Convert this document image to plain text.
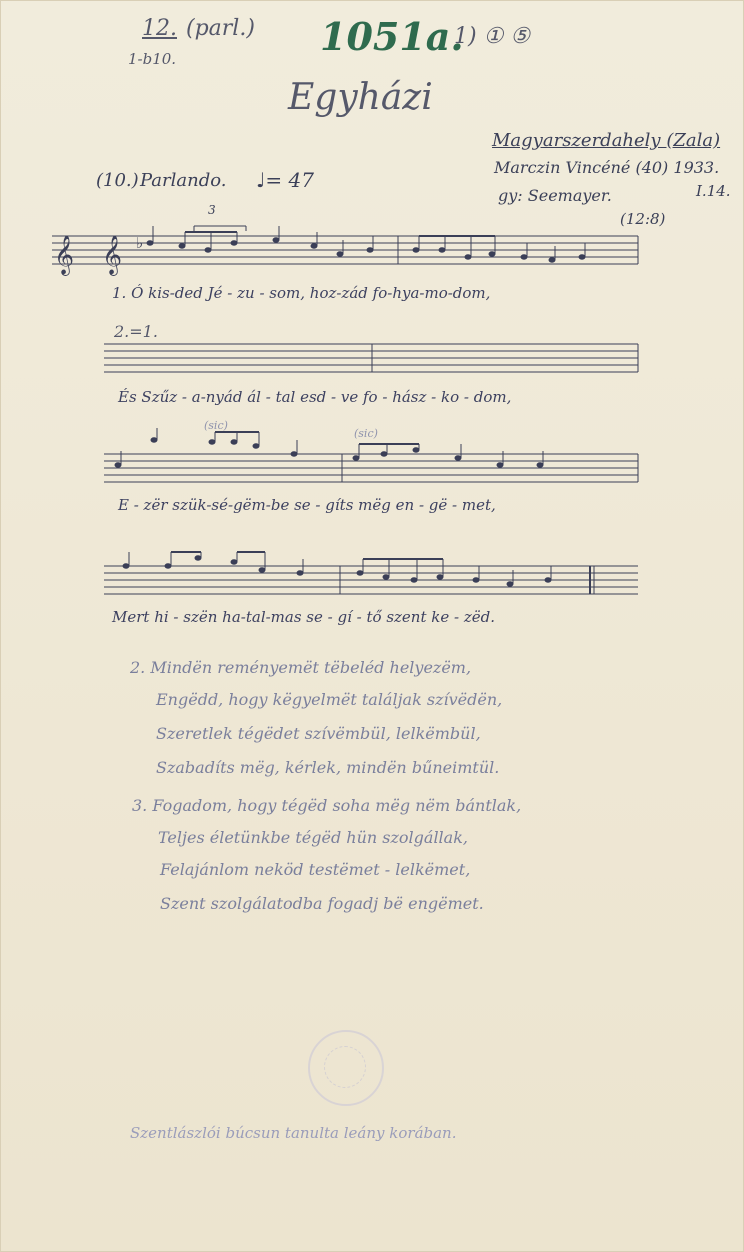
12. (parl.)
1-b10.	1051a.
1) ① ⑤
Egyházi
Magyarszerdahely (Zala)
Marczin Vincéné (40) 1933.
I.14.
gy: Seemayer.
(10.) Parlando. ♩= 47
(12:8)
3
𝄞 𝄞 ♭
1. Ó kis-ded Jé - zu - som, hoz-zád fo-hya-mo-dom,
2.=1.
És Szűz - a-nyád ál - tal esd - ve fo - hász - ko - dom,
(sic)
(sic)
E - zër szük-sé-gëm-be se - gíts mëg en - gë - met,
Mert hi - szën ha-tal-mas se - gí - tő szent ke - zëd.
2. Mindën reményemët tëbeléd helyezëm,
Engëdd, hogy këgyelmët találjak szívëdën,
Szeretlek tégëdet szívëmbül, lelkëmbül,
Szabadíts mëg, kérlek, mindën bűneimtül.
3. Fogadom, hogy tégëd soha mëg nëm bántlak,
Teljes életünkbe tégëd hün szolgállak,
Felajánlom neköd testëmet - lelkëmet,
Szent szolgálatodba fogadj bë engëmet.
Szentlászlói búcsun tanulta leány korában.
